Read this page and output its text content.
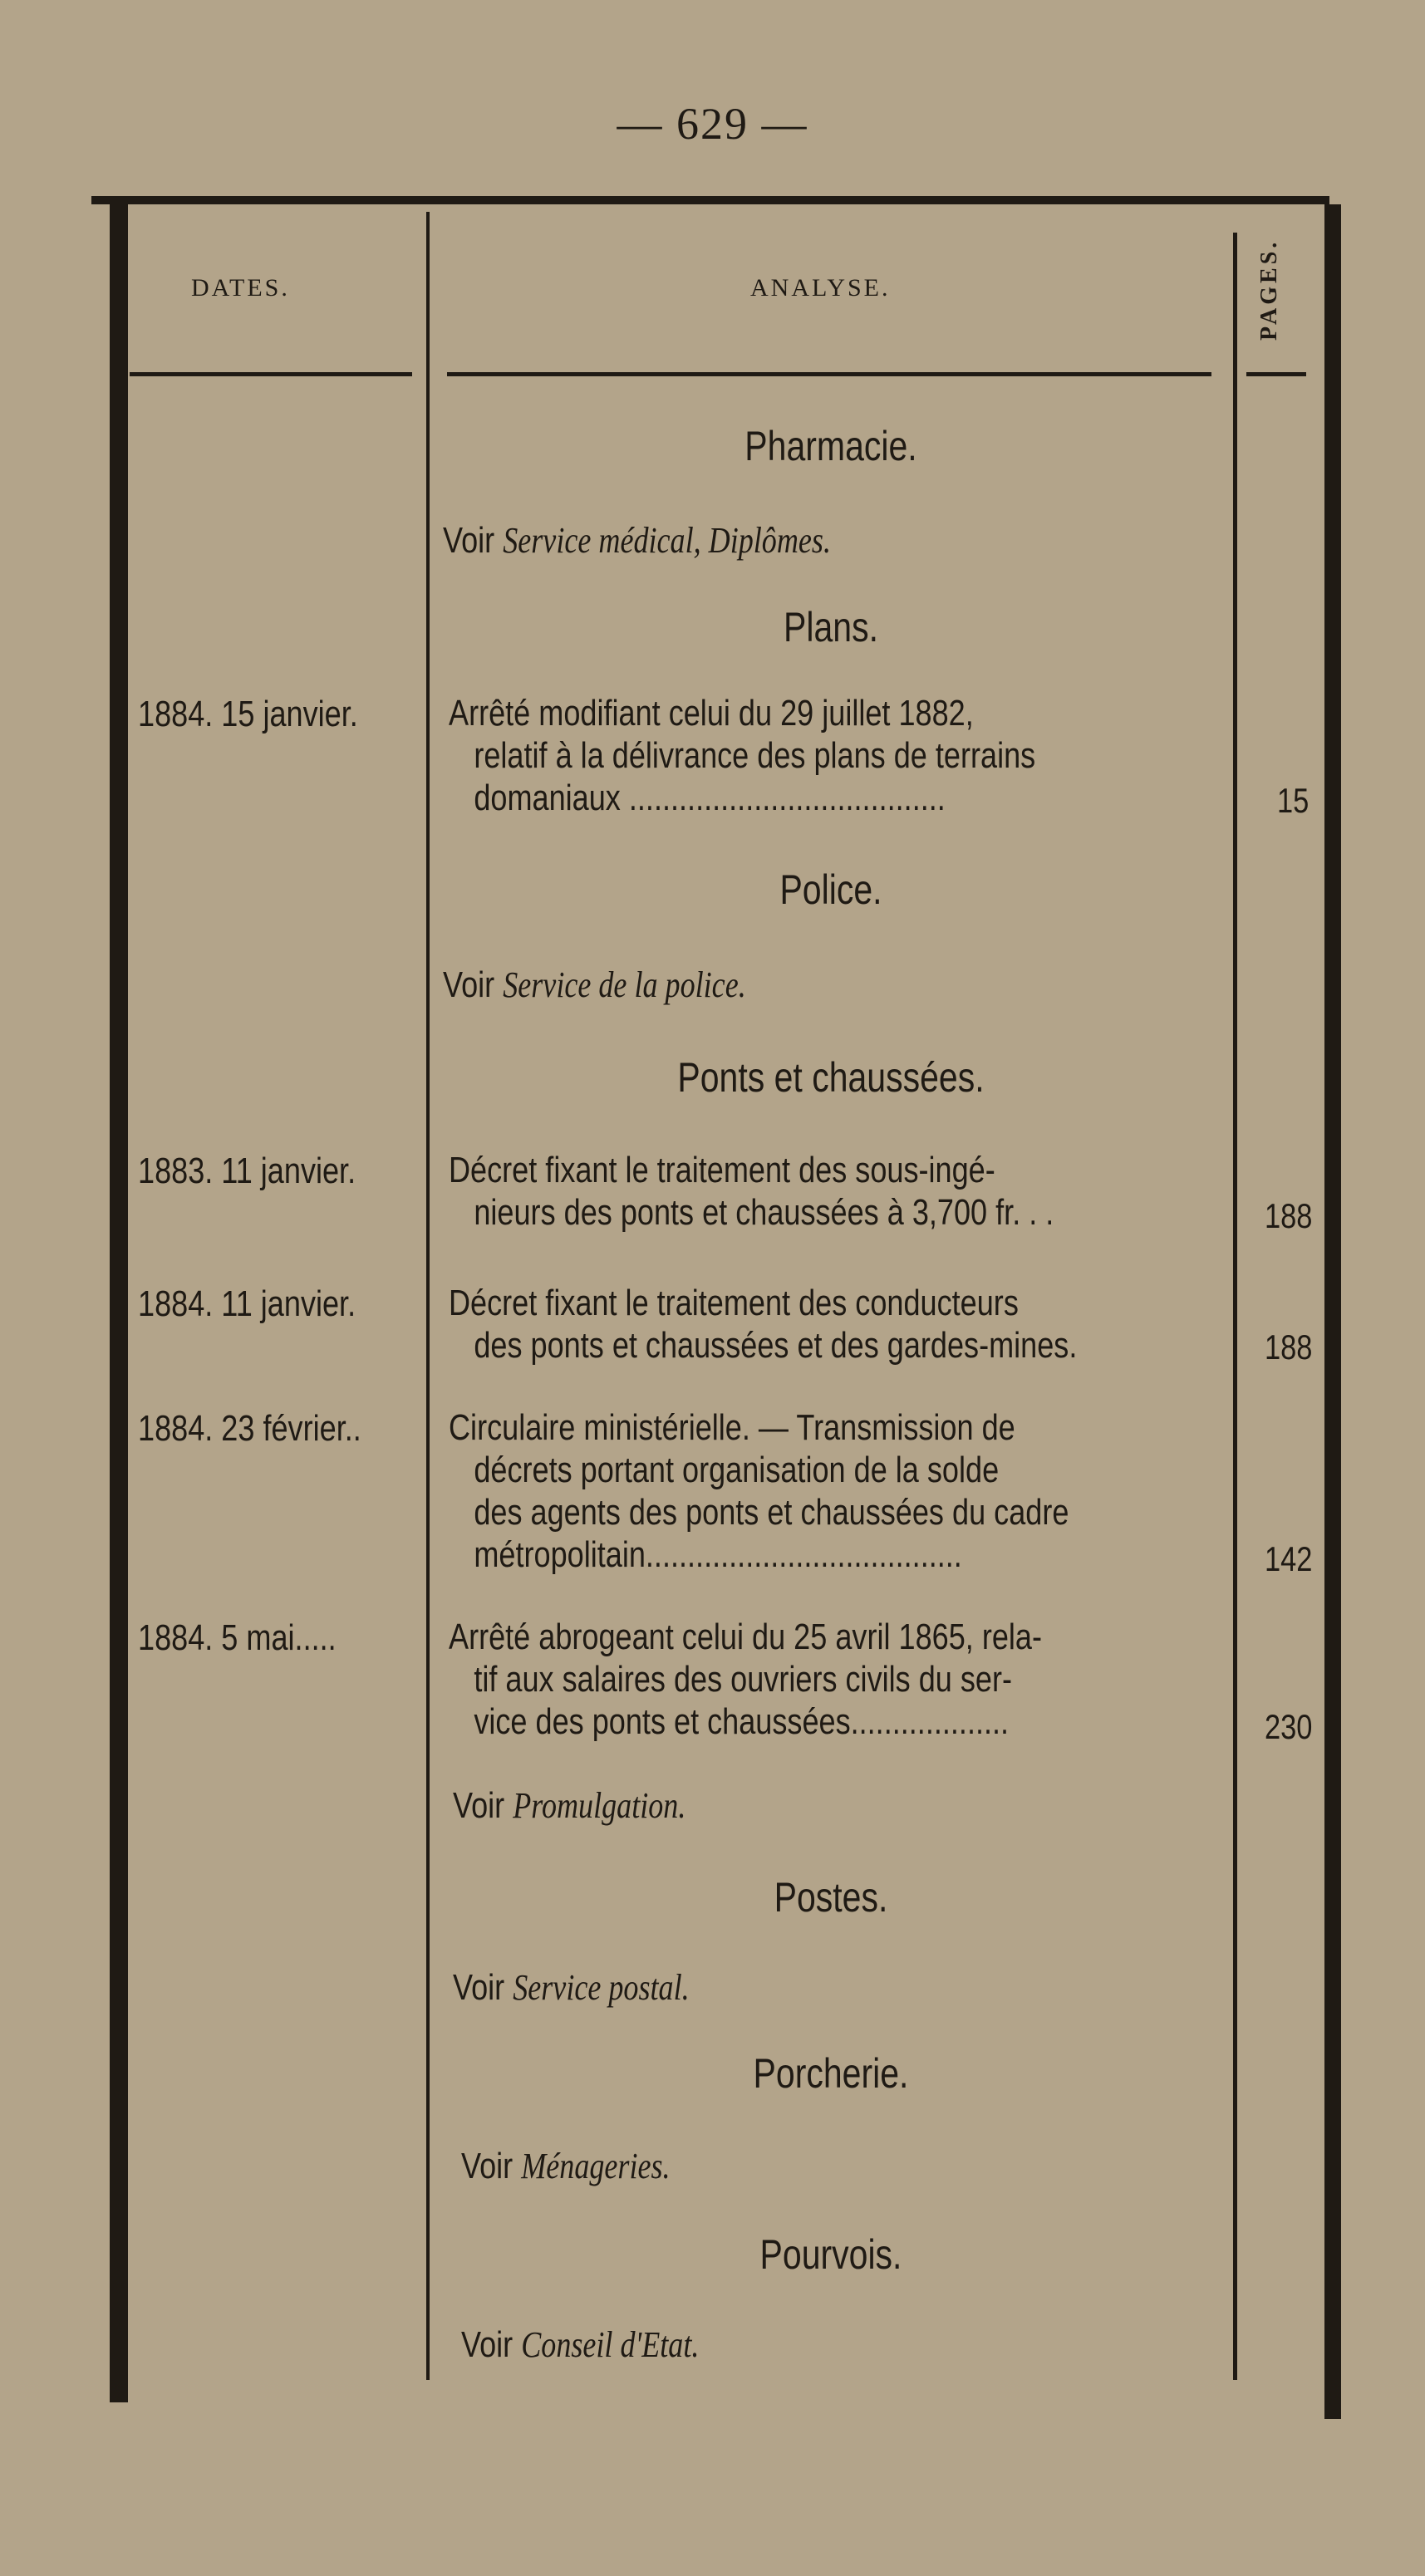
— 629 —
DATES.	ANALYSE.	PAGES.
Pharmacie.
Voir Service médical, Diplômes.
Plans.
1884. 15 janvier. Arrêté modifiant celui du 29 juillet 1882,
relatif à la délivrance des plans de terrains
domaniaux ......................................	15
Police.
Voir Service de la police.
Ponts et chaussées.
1883. 11 janvier.	Décret fixant le traitement des sous-ingé-
nieurs des ponts et chaussées à 3,700 fr. . .	188
1884. 11 janvier.	Décret fixant le traitement des conducteurs
des ponts et chaussées et des gardes-mines.	188
1884. 23 février.. Circulaire ministérielle. — Transmission de
décrets portant organisation de la solde
des agents des ponts et chaussées du cadre
métropolitain......................................	142
1884. 5 mai.....	Arrêté abrogeant celui du 25 avril 1865, rela-
tif aux salaires des ouvriers civils du ser-
vice des ponts et chaussées...................	230
Voir Promulgation.
Postes.
Voir Service postal.
Porcherie.
Voir Ménageries.
Pourvois.
Voir Conseil d'Etat.
